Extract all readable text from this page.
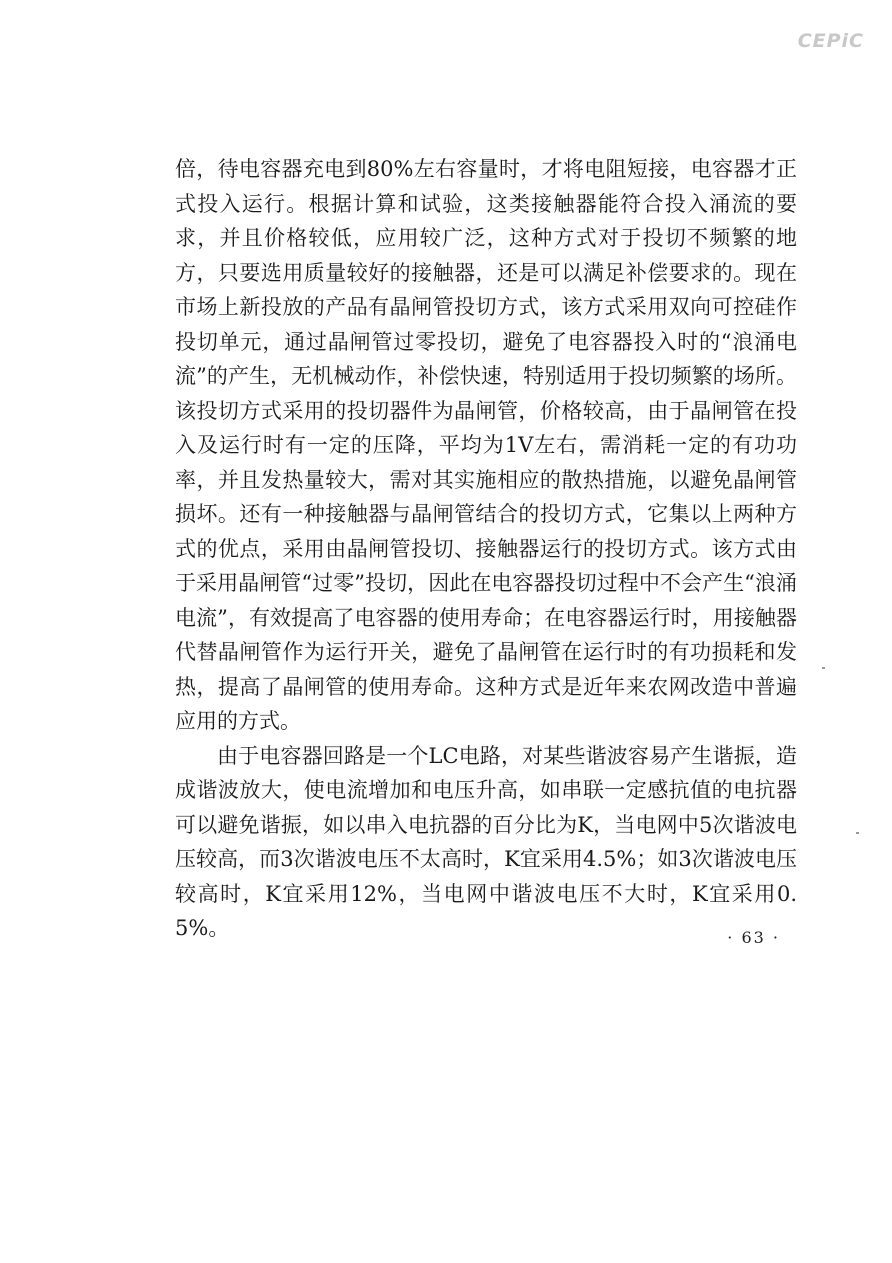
CEPiC

倍，待电容器充电到80%左右容量时，才将电阻短接，电容器才正式投入运行。根据计算和试验，这类接触器能符合投入涌流的要求，并且价格较低，应用较广泛，这种方式对于投切不频繁的地方，只要选用质量较好的接触器，还是可以满足补偿要求的。现在市场上新投放的产品有晶闸管投切方式，该方式采用双向可控硅作投切单元，通过晶闸管过零投切，避免了电容器投入时的“浪涌电流”的产生，无机械动作，补偿快速，特别适用于投切频繁的场所。该投切方式采用的投切器件为晶闸管，价格较高，由于晶闸管在投入及运行时有一定的压降，平均为1V左右，需消耗一定的有功功率，并且发热量较大，需对其实施相应的散热措施，以避免晶闸管损坏。还有一种接触器与晶闸管结合的投切方式，它集以上两种方式的优点，采用由晶闸管投切、接触器运行的投切方式。该方式由于采用晶闸管“过零”投切，因此在电容器投切过程中不会产生“浪涌电流”，有效提高了电容器的使用寿命；在电容器运行时，用接触器代替晶闸管作为运行开关，避免了晶闸管在运行时的有功损耗和发热，提高了晶闸管的使用寿命。这种方式是近年来农网改造中普遍应用的方式。

由于电容器回路是一个LC电路，对某些谐波容易产生谐振，造成谐波放大，使电流增加和电压升高，如串联一定感抗值的电抗器可以避免谐振，如以串入电抗器的百分比为K，当电网中5次谐波电压较高，而3次谐波电压不太高时，K宜采用4.5%；如3次谐波电压较高时，K宜采用12%，当电网中谐波电压不大时，K宜采用0.5%。	· 63 ·
